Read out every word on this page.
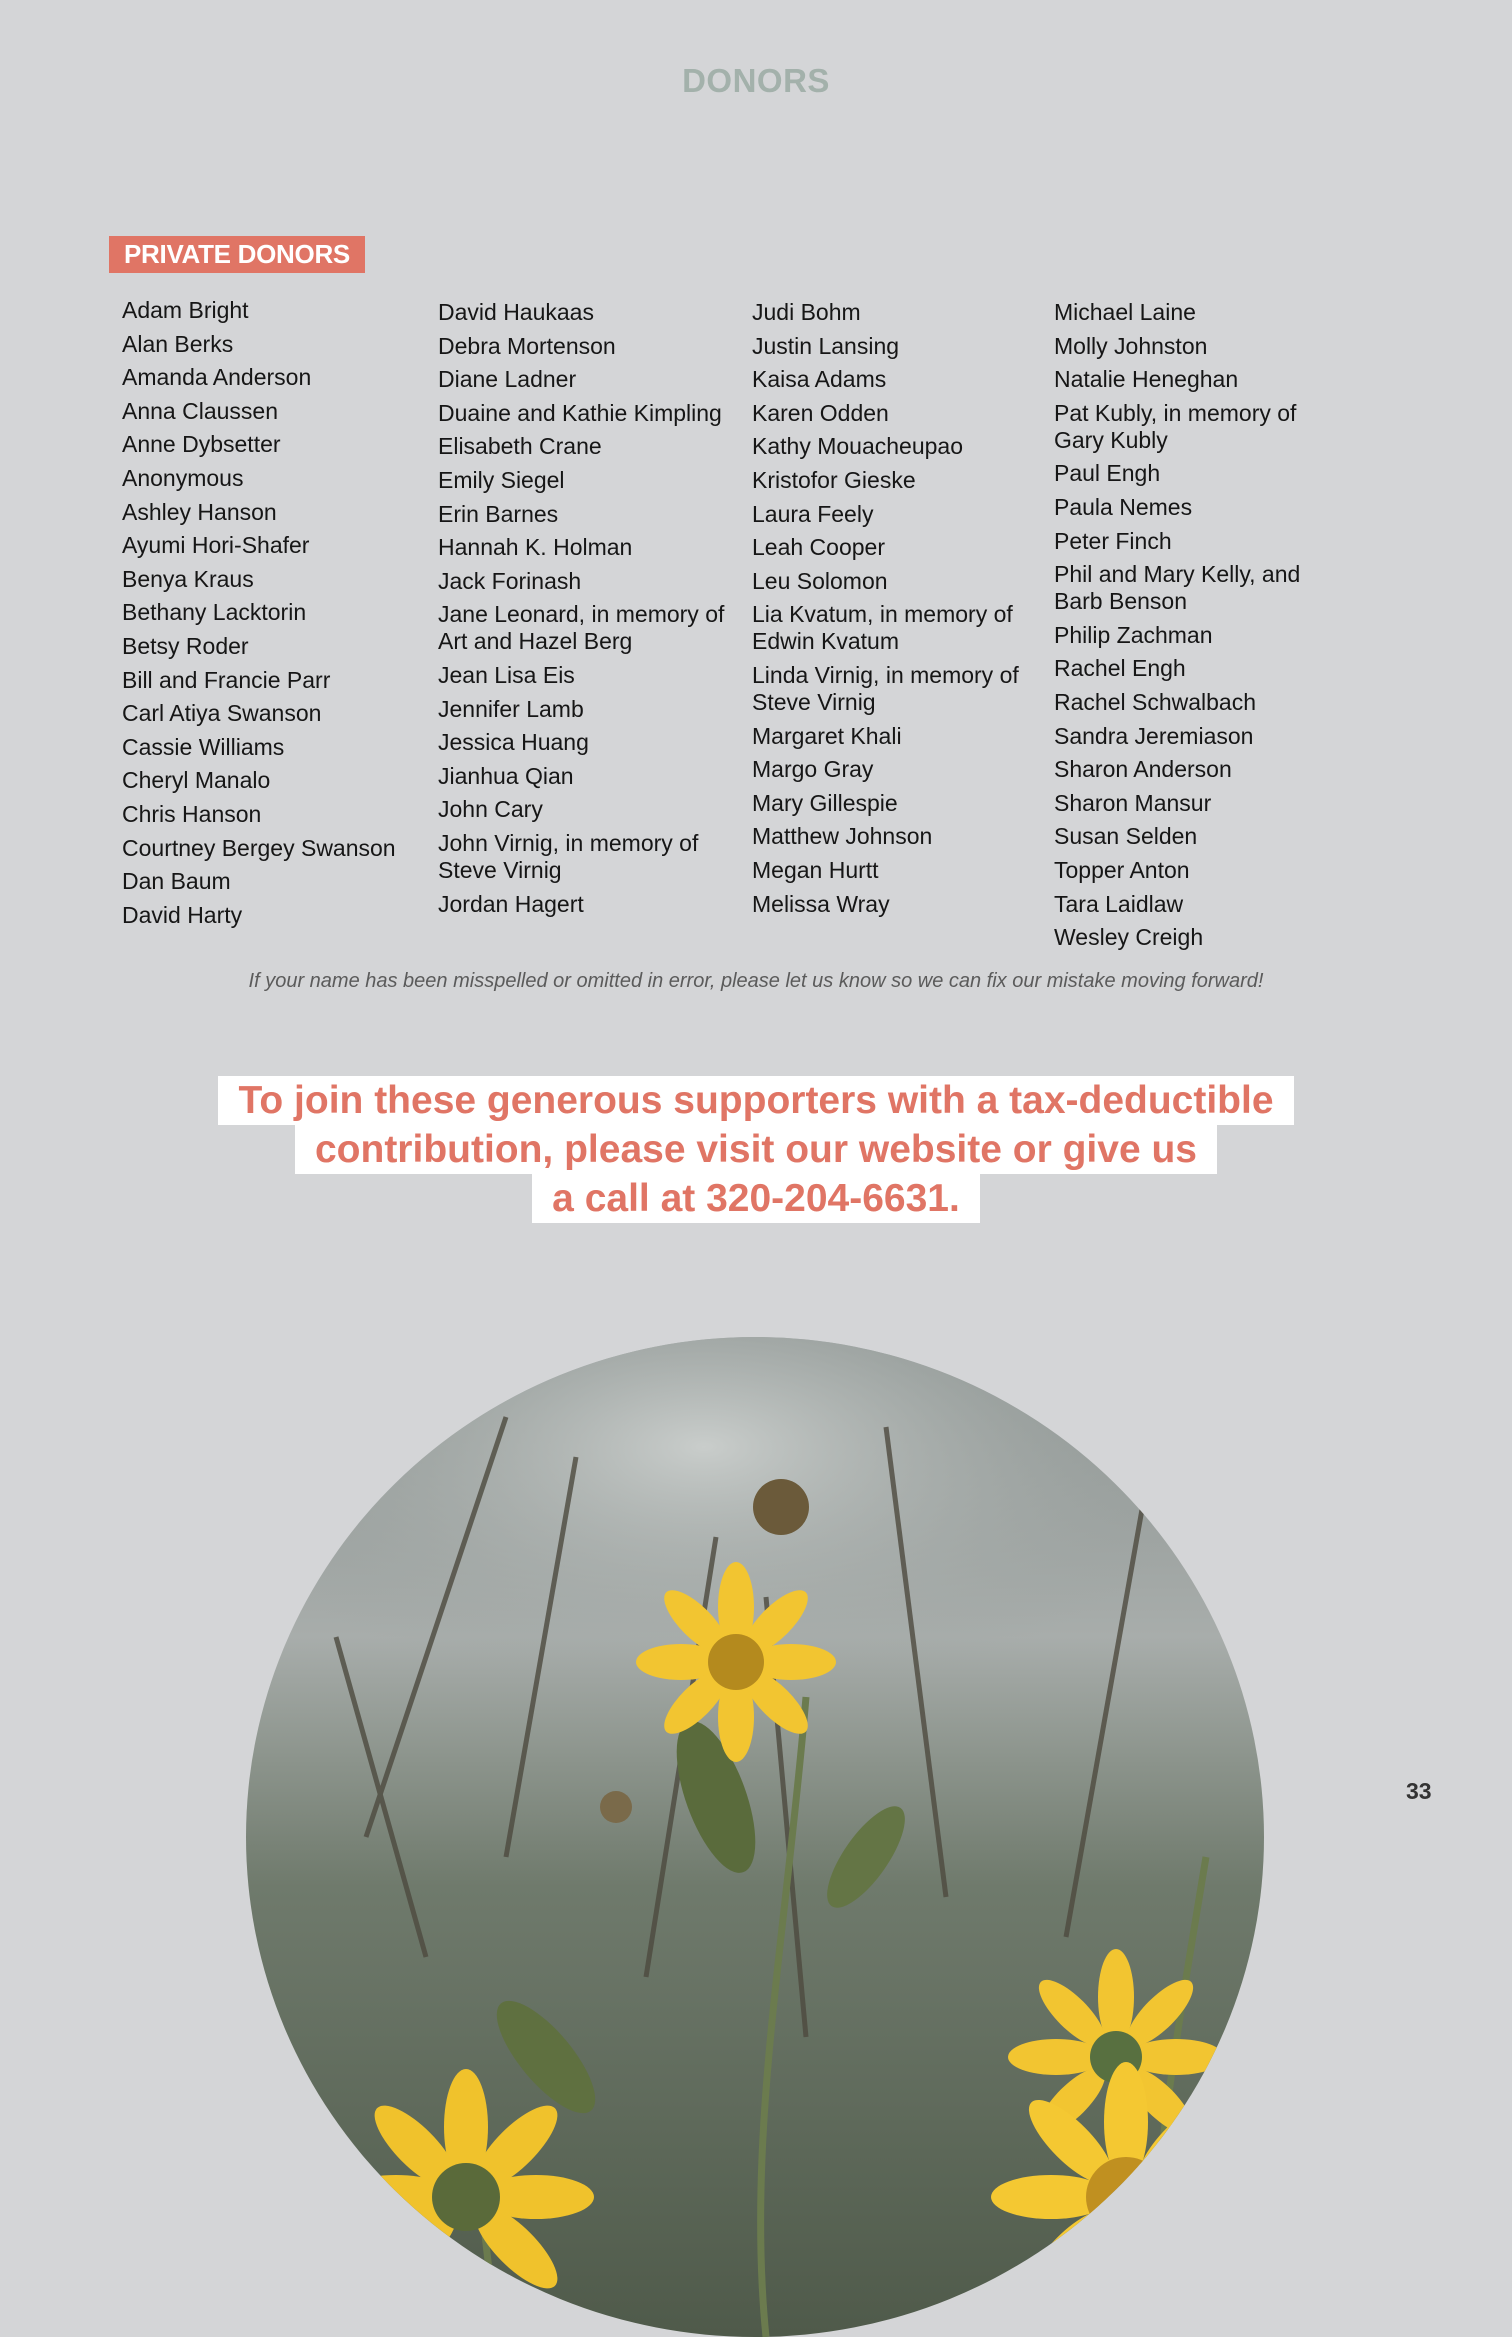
DONORS
PRIVATE DONORS
Adam Bright
Alan Berks
Amanda Anderson
Anna Claussen
Anne Dybsetter
Anonymous
Ashley Hanson
Ayumi Hori-Shafer
Benya Kraus
Bethany Lacktorin
Betsy Roder
Bill and Francie Parr
Carl Atiya Swanson
Cassie Williams
Cheryl Manalo
Chris Hanson
Courtney Bergey Swanson
Dan Baum
David Harty
David Haukaas
Debra Mortenson
Diane Ladner
Duaine and Kathie Kimpling
Elisabeth Crane
Emily Siegel
Erin Barnes
Hannah K. Holman
Jack Forinash
Jane Leonard, in memory of Art and Hazel Berg
Jean Lisa Eis
Jennifer Lamb
Jessica Huang
Jianhua Qian
John Cary
John Virnig, in memory of Steve Virnig
Jordan Hagert
Judi Bohm
Justin Lansing
Kaisa Adams
Karen Odden
Kathy Mouacheupao
Kristofor Gieske
Laura Feely
Leah Cooper
Leu Solomon
Lia Kvatum, in memory of Edwin Kvatum
Linda Virnig, in memory of Steve Virnig
Margaret Khali
Margo Gray
Mary Gillespie
Matthew Johnson
Megan Hurtt
Melissa Wray
Michael Laine
Molly Johnston
Natalie Heneghan
Pat Kubly, in memory of Gary Kubly
Paul Engh
Paula Nemes
Peter Finch
Phil and Mary Kelly, and Barb Benson
Philip Zachman
Rachel Engh
Rachel Schwalbach
Sandra Jeremiason
Sharon Anderson
Sharon Mansur
Susan Selden
Topper Anton
Tara Laidlaw
Wesley Creigh
If your name has been misspelled or omitted in error, please let us know so we can fix our mistake moving forward!
To join these generous supporters with a tax-deductible
contribution, please visit our website or give us
a call at 320-204-6631.
33
